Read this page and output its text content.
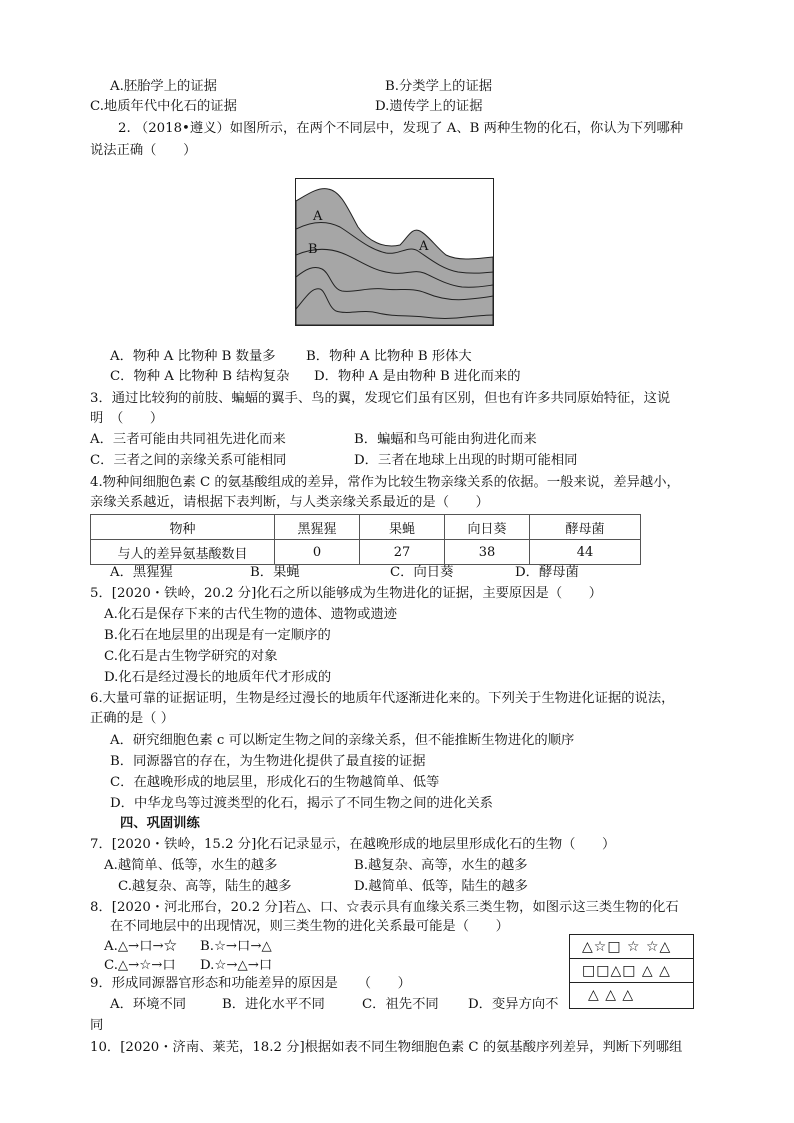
A.胚胎学上的证据	B.分类学上的证据
C.地质年代中化石的证据	D.遗传学上的证据
2. （2018•遵义）如图所示，在两个不同层中，发现了 A、B 两种生物的化石，你认为下列哪种
说法正确（　　）
A
B	A
A．物种 A 比物种 B 数量多 B．物种 A 比物种 B 形体大
C．物种 A 比物种 B 结构复杂 D．物种 A 是由物种 B 进化而来的
3．通过比较狗的前肢、蝙蝠的翼手、鸟的翼，发现它们虽有区别，但也有许多共同原始特征，这说
明　（　　）
A．三者可能由共同祖先进化而来	B．蝙蝠和鸟可能由狗进化而来
C．三者之间的亲缘关系可能相同	D．三者在地球上出现的时期可能相同
4.物种间细胞色素 C 的氨基酸组成的差异，常作为比较生物亲缘关系的依据。一般来说，差异越小，
亲缘关系越近，请根据下表判断，与人类亲缘关系最近的是（　　）
物种	黑猩猩	果蝇	向日葵	酵母菌
与人的差异氨基酸数目	0	27	38	44
A．黑猩猩	B．果蝇	C．向日葵	D．酵母菌
5．[2020・铁岭，20.2 分]化石之所以能够成为生物进化的证据，主要原因是（　　）
A.化石是保存下来的古代生物的遗体、遗物或遗迹
B.化石在地层里的出现是有一定顺序的
C.化石是古生物学研究的对象
D.化石是经过漫长的地质年代才形成的
6.大量可靠的证据证明，生物是经过漫长的地质年代逐渐进化来的。下列关于生物进化证据的说法，
正确的是（ ）
A．研究细胞色素 c 可以断定生物之间的亲缘关系，但不能推断生物进化的顺序
B．同源器官的存在，为生物进化提供了最直接的证据
C．在越晚形成的地层里，形成化石的生物越简单、低等
D．中华龙鸟等过渡类型的化石，揭示了不同生物之间的进化关系
四、巩固训练
7．[2020・铁岭，15.2 分]化石记录显示，在越晚形成的地层里形成化石的生物（　　）
A.越简单、低等，水生的越多	B.越复杂、高等，水生的越多
C.越复杂、高等，陆生的越多	D.越简单、低等，陆生的越多
8．[2020・河北邢台，20.2 分]若△、口、☆表示具有血缘关系三类生物，如图示这三类生物的化石
在不同地层中的出现情况，则三类生物的进化关系最可能是（　　）
A.△→口→☆ B.☆→口→△
C.△→☆→口 D.☆→△→口
△☆□ ☆ ☆△
□□△□ △ △
△ △ △
9．形成同源器官形态和功能差异的原因是　　（　　）
A．环境不同	B．进化水平不同	C．祖先不同 D．变异方向不
同
10．[2020・济南、莱芜，18.2 分]根据如表不同生物细胞色素 C 的氨基酸序列差异，判断下列哪组
